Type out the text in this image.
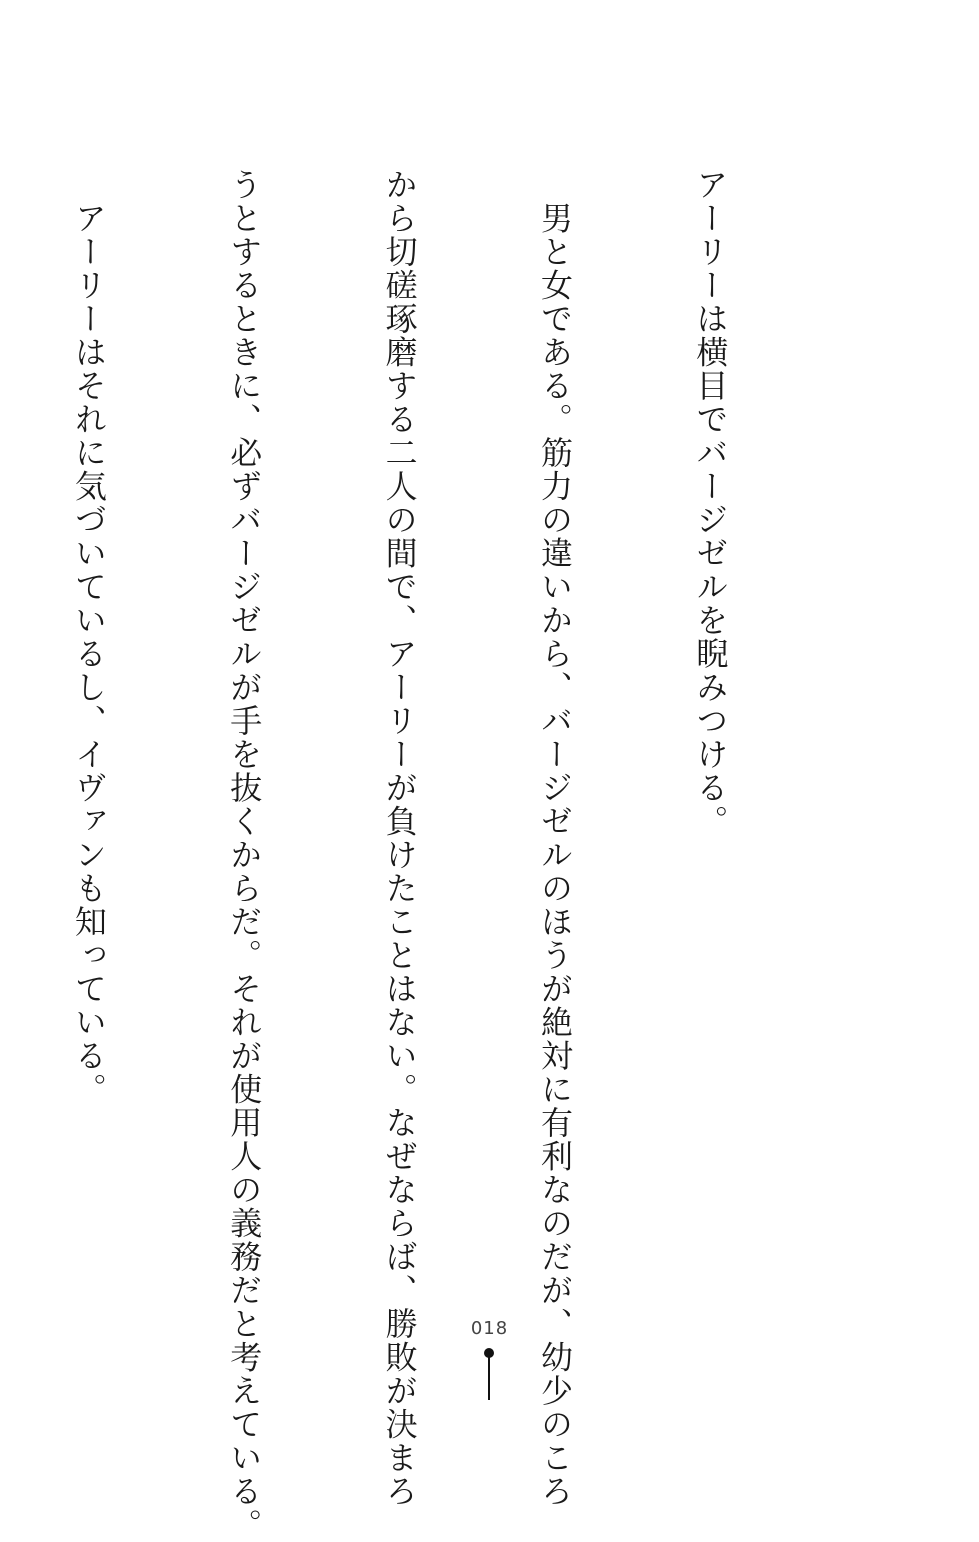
アーリーは横目でバージゼルを睨みつける。

　男と女である。筋力の違いから、バージゼルのほうが絶対に有利なのだが、幼少のころ

から切磋琢磨する二人の間で、アーリーが負けたことはない。なぜならば、勝敗が決まろ

うとするときに、必ずバージゼルが手を抜くからだ。それが使用人の義務だと考えている。

　アーリーはそれに気づいているし、イヴァンも知っている。

018
